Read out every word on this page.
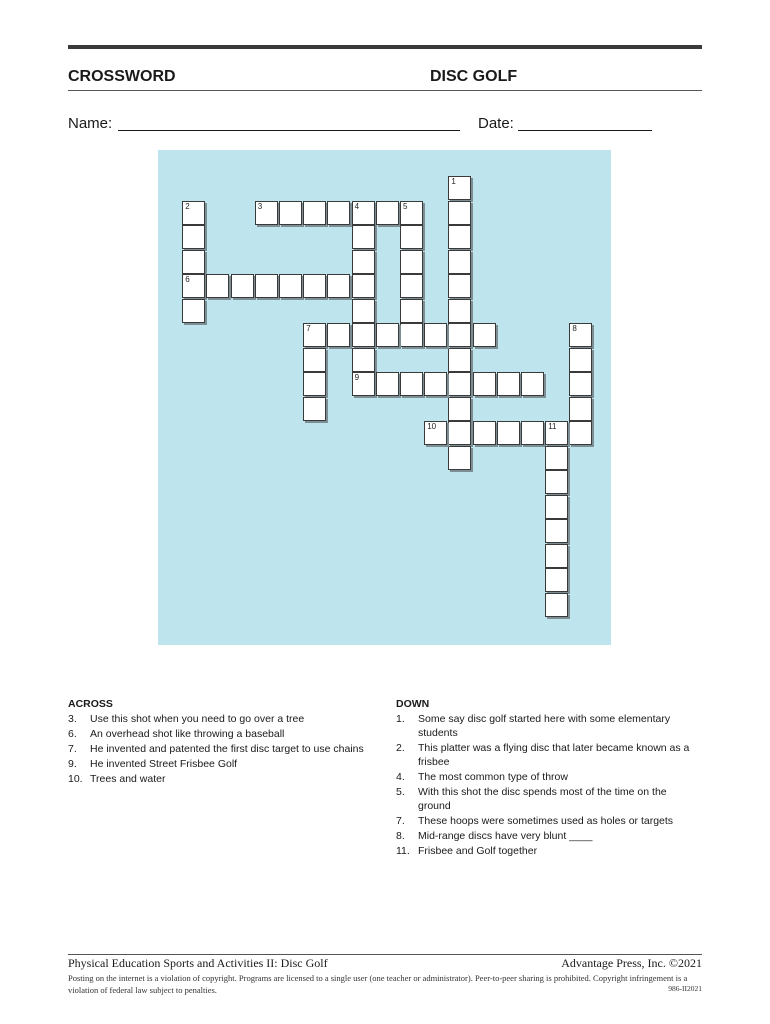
CROSSWORD	DISC GOLF
Name:	Date:
1
2
6
3	4	5
7
9
8
10	11
ACROSS
3.	Use this shot when you need to go over a tree
6.	An overhead shot like throwing a baseball
7.	He invented and patented the first disc target to use chains
9.	He invented Street Frisbee Golf
10. Trees and water
DOWN
1.	Some say disc golf started here with some elementary students
2.	This platter was a flying disc that later became known as a frisbee
4.	The most common type of throw
5.	With this shot the disc spends most of the time on the ground
7.	These hoops were sometimes used as holes or targets
8.	Mid-range discs have very blunt ____
11. Frisbee and Golf together
Physical Education Sports and Activities II: Disc Golf	Advantage Press, Inc. ©2021
Posting on the internet is a violation of copyright. Programs are licensed to a single user (one teacher or administrator). Peer-to-peer sharing is prohibited. Copyright infringement is a violation of federal law subject to penalties.	986-II2021
